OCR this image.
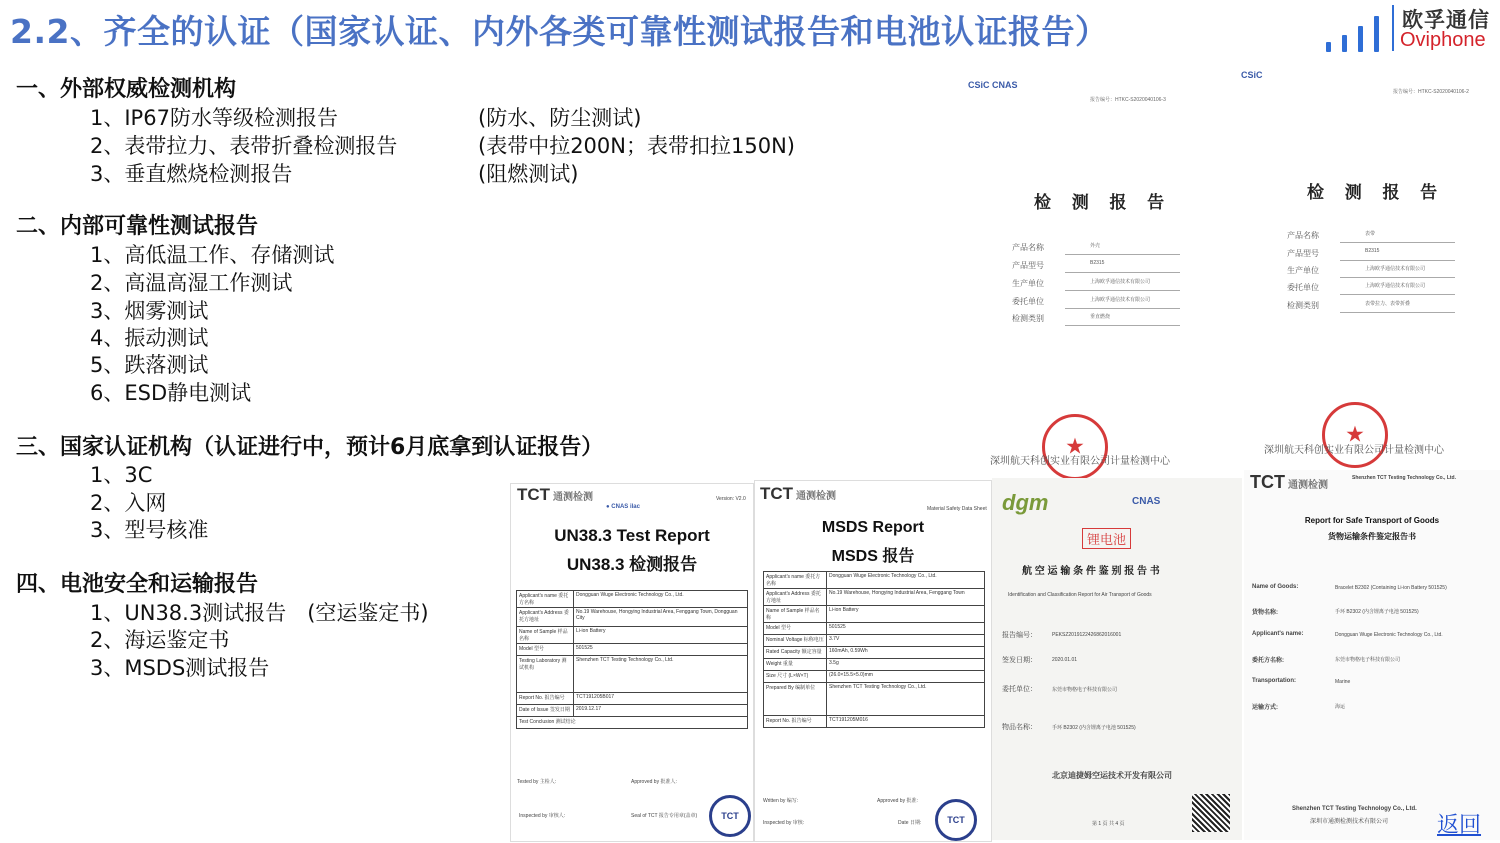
2.2、齐全的认证（国家认证、内外各类可靠性测试报告和电池认证报告）	欧孚通信
Oviphone
一、外部权威检测机构
1、IP67防水等级检测报告	(防水、防尘测试)
2、表带拉力、表带折叠检测报告	(表带中拉200N；表带扣拉150N)
3、垂直燃烧检测报告	(阻燃测试)
二、内部可靠性测试报告
1、高低温工作、存储测试
2、高温高湿工作测试
3、烟雾测试
4、振动测试
5、跌落测试
6、ESD静电测试
三、国家认证机构（认证进行中，预计6月底拿到认证报告）
1、3C
2、入网
3、型号核准
四、电池安全和运输报告
1、UN38.3测试报告　(空运鉴定书)
2、海运鉴定书
3、MSDS测试报告
CSiC CNAS
报告编号：HTKC-S2020040106-3
检 测 报 告
产品名称	外壳
产品型号	B2315
生产单位	上海欧孚通信技术有限公司
委托单位	上海欧孚通信技术有限公司
检测类别	垂直燃烧
CSiC
报告编号：HTKC-S2020040106-2
检 测 报 告
产品名称	表带
产品型号	B2315
生产单位	上海欧孚通信技术有限公司
委托单位	上海欧孚通信技术有限公司
检测类别	表带拉力、表带折叠
★
深圳航天科创实业有限公司计量检测中心
★
深圳航天科创实业有限公司计量检测中心
TCT 通测检测	Version: V2.0
● CNAS ilac
UN38.3 Test Report
UN38.3 检测报告
Applicant's name 委托方名称	Dongguan Wuge Electronic Technology Co., Ltd.
Applicant's Address 委托方地址	No.19 Warehouse, Hongying Industrial Area, Fenggang Town, Dongguan City
Name of Sample 样品名称	Li-ion Battery
Model 型号	501525
Testing Laboratory 测试机构	Shenzhen TCT Testing Technology Co., Ltd.
Report No. 报告编号	TCT191205B017
Date of Issue 签发日期	2019.12.17
Test Conclusion 测试结论	
Tested by 主检人:	Approved by 批准人:
Inspected by 审核人:	Seal of TCT 报告专用章(盖章)	TCT
TCT 通测检测
Material Safety Data Sheet
MSDS Report
MSDS 报告
Applicant's name 委托方名称	Dongguan Wuge Electronic Technology Co., Ltd.
Applicant's Address 委托方地址	No.19 Warehouse, Hongying Industrial Area, Fenggang Town
Name of Sample 样品名称	Li-ion Battery
Model 型号	501525
Nominal Voltage 标称电压	3.7V
Rated Capacity 额定容量	160mAh, 0.59Wh
Weight 重量	3.5g
Size 尺寸 (L×W×T)	(26.0×15.5×5.0)mm
Prepared By 编制单位	Shenzhen TCT Testing Technology Co., Ltd.
Report No. 报告编号	TCT191205M016
Written by 编写:	Approved by 批准:
Inspected by 审核:	Date 日期:	TCT
dgm	CNAS
锂电池
航 空 运 输 条 件 鉴 别 报 告 书
Identification and Classification Report for Air Transport of Goods
报告编号：	PEKSZ2019122426862016001
签发日期：	2020.01.01
委托单位：	东莞市物格电子科技有限公司
物品名称：	手环 B2302 (内含锂离子电池 501525)
北京迪捷姆空运技术开发有限公司
第 1 页 共 4 页
TCT 通测检测
Shenzhen TCT Testing Technology Co., Ltd.
Report for Safe Transport of Goods
货物运输条件鉴定报告书
Name of Goods:	Bracelet B2302 (Containing Li-ion Battery 501525)
货物名称:	手环 B2302 (内含锂离子电池 501525)
Applicant's name:	Dongguan Wuge Electronic Technology Co., Ltd.
委托方名称:	东莞市物格电子科技有限公司
Transportation:	Marine
运输方式:	海运
Shenzhen TCT Testing Technology Co., Ltd.
深圳市通测检测技术有限公司 返回
